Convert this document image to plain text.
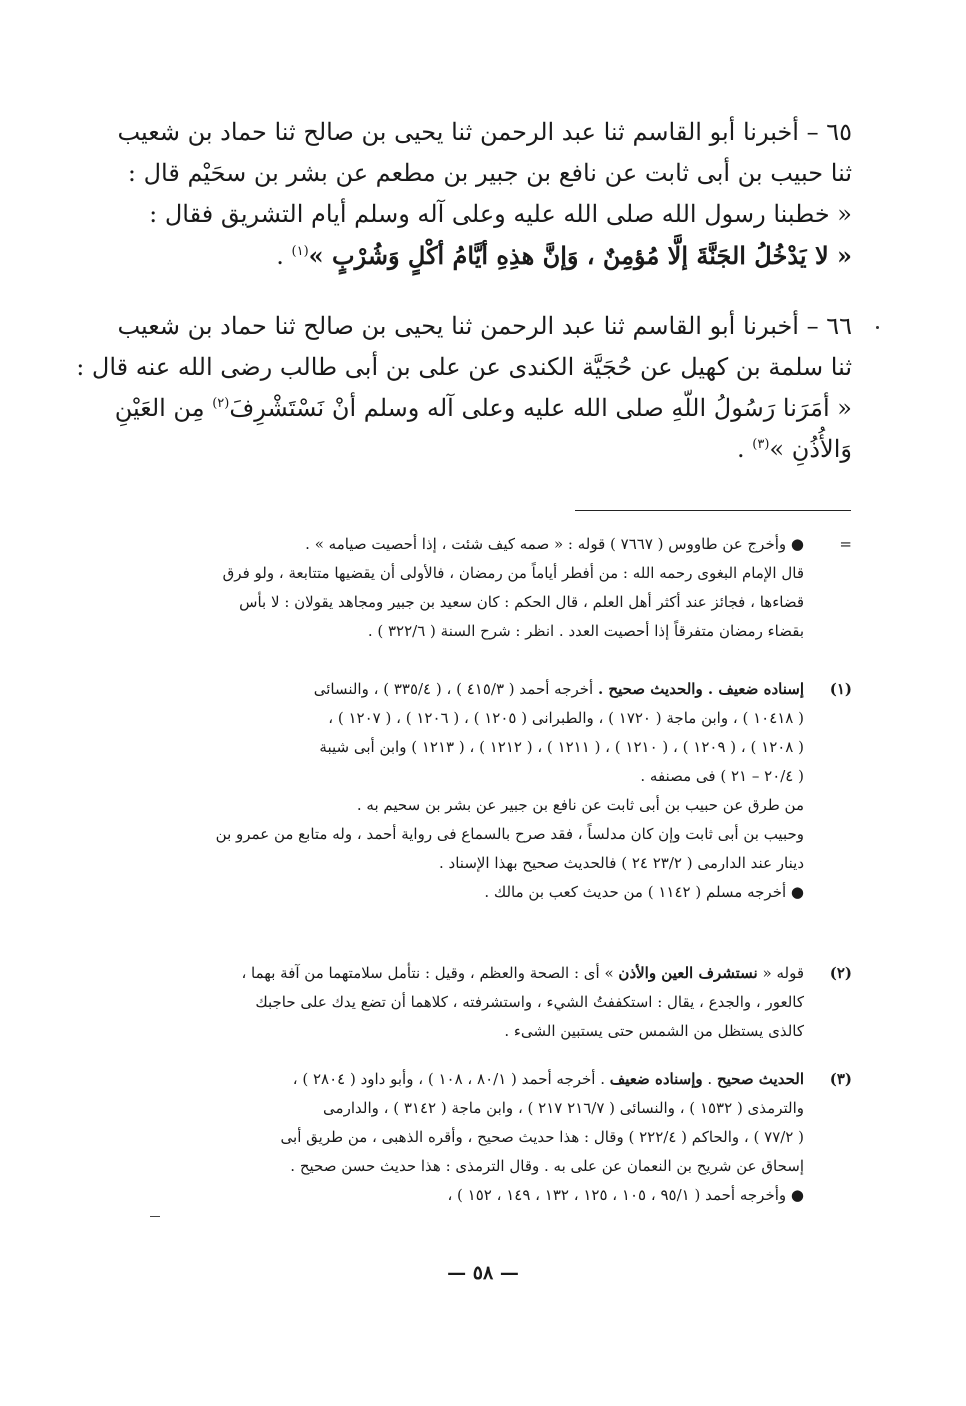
٦٥ – أخبرنا أبو القاسم ثنا عبد الرحمن ثنا يحيى بن صالح ثنا حماد بن شعيب
ثنا حبيب بن أبى ثابت عن نافع بن جبير بن مطعم عن بشر بن سحَيْم قال :
« خطبنا رسول الله صلى الله عليه وعلى آله وسلم أيام التشريق فقال :
« لا يَدْخُلُ الجَنَّةَ إلَّا مُؤمِنٌ ، وَإنَّ هذِهِ أيَّامُ أكْلٍ وَشُرْبٍ »$^{(١)}$ .
٦٦ – أخبرنا أبو القاسم ثنا عبد الرحمن ثنا يحيى بن صالح ثنا حماد بن شعيب
ثنا سلمة بن كهيل عن حُجَيَّة الكندى عن على بن أبى طالب رضى الله عنه قال :
« أمَرَنا رَسُولُ اللّهِ صلى الله عليه وعلى آله وسلم أنْ نَسْتَشْرِفَ$^{(٢)}$ مِن العَيْنِ
وَالأُذُنِ »$^{(٣)}$ .
=
● وأخرج عن طاووس ( ٧٦٦٧ ) قوله : « صمه كيف شئت ، إذا أحصيت صيامه » .
قال الإمام البغوى رحمه الله : من أفطر أياماً من رمضان ، فالأولى أن يقضيها متتابعة ، ولو فرق
قضاءها ، فجائز عند أكثر أهل العلم ، قال الحكم : كان سعيد بن جبير ومجاهد يقولان : لا بأس
بقضاء رمضان متفرقاً إذا أحصيت العدد . انظر : شرح السنة ( ٣٢٢/٦ ) .
(١)
إسناده ضعيف . والحديث صحيح . أخرجه أحمد ( ٤١٥/٣ ) ، ( ٣٣٥/٤ ) ، والنسائى
( ١٠٤١٨ ) ، وابن ماجة ( ١٧٢٠ ) ، والطبرانى ( ١٢٠٥ ) ، ( ١٢٠٦ ) ، ( ١٢٠٧ ) ،
( ١٢٠٨ ) ، ( ١٢٠٩ ) ، ( ١٢١٠ ) ، ( ١٢١١ ) ، ( ١٢١٢ ) ، ( ١٢١٣ ) وابن أبى شيبة
( ٢٠/٤ – ٢١ ) فى مصنفه .
من طرق عن حبيب بن أبى ثابت عن نافع بن جبير عن بشر بن سحيم به .
وحبيب بن أبى ثابت وإن كان مدلساً ، فقد صرح بالسماع فى رواية أحمد ، وله متابع من عمرو بن
دينار عند الدارمى ( ٢٣/٢ ٢٤ ) فالحديث صحيح بهذا الإسناد .
● أخرجه مسلم ( ١١٤٢ ) من حديث كعب بن مالك .
(٢)
قوله « نستشرف العين والأذن » أى : الصحة والعظم ، وقيل : نتأمل سلامتهما من آفة بهما ،
كالعور ، والجدع ، يقال : استكففتُ الشيء ، واستشرفته ، كلاهما أن تضع يدك على حاجبك
كالذى يستظل من الشمس حتى يستبين الشىء .
(٣)
الحديث صحيح . وإسناده ضعيف . أخرجه أحمد ( ٨٠/١ ، ١٠٨ ) ، وأبو داود ( ٢٨٠٤ ) ،
والترمذى ( ١٥٣٢ ) ، والنسائى ( ٢١٦/٧ ٢١٧ ) ، وابن ماجة ( ٣١٤٢ ) ، والدارمى
( ٧٧/٢ ) ، والحاكم ( ٢٢٢/٤ ) وقال : هذا حديث صحيح ، وأقره الذهبى ، من طريق أبى
إسحاق عن شريح بن النعمان عن على به . وقال الترمذى : هذا حديث حسن صحيح .
● وأخرجه أحمد ( ٩٥/١ ، ١٠٥ ، ١٢٥ ، ١٣٢ ، ١٤٩ ، ١٥٢ ) ،
— ٥٨ —
